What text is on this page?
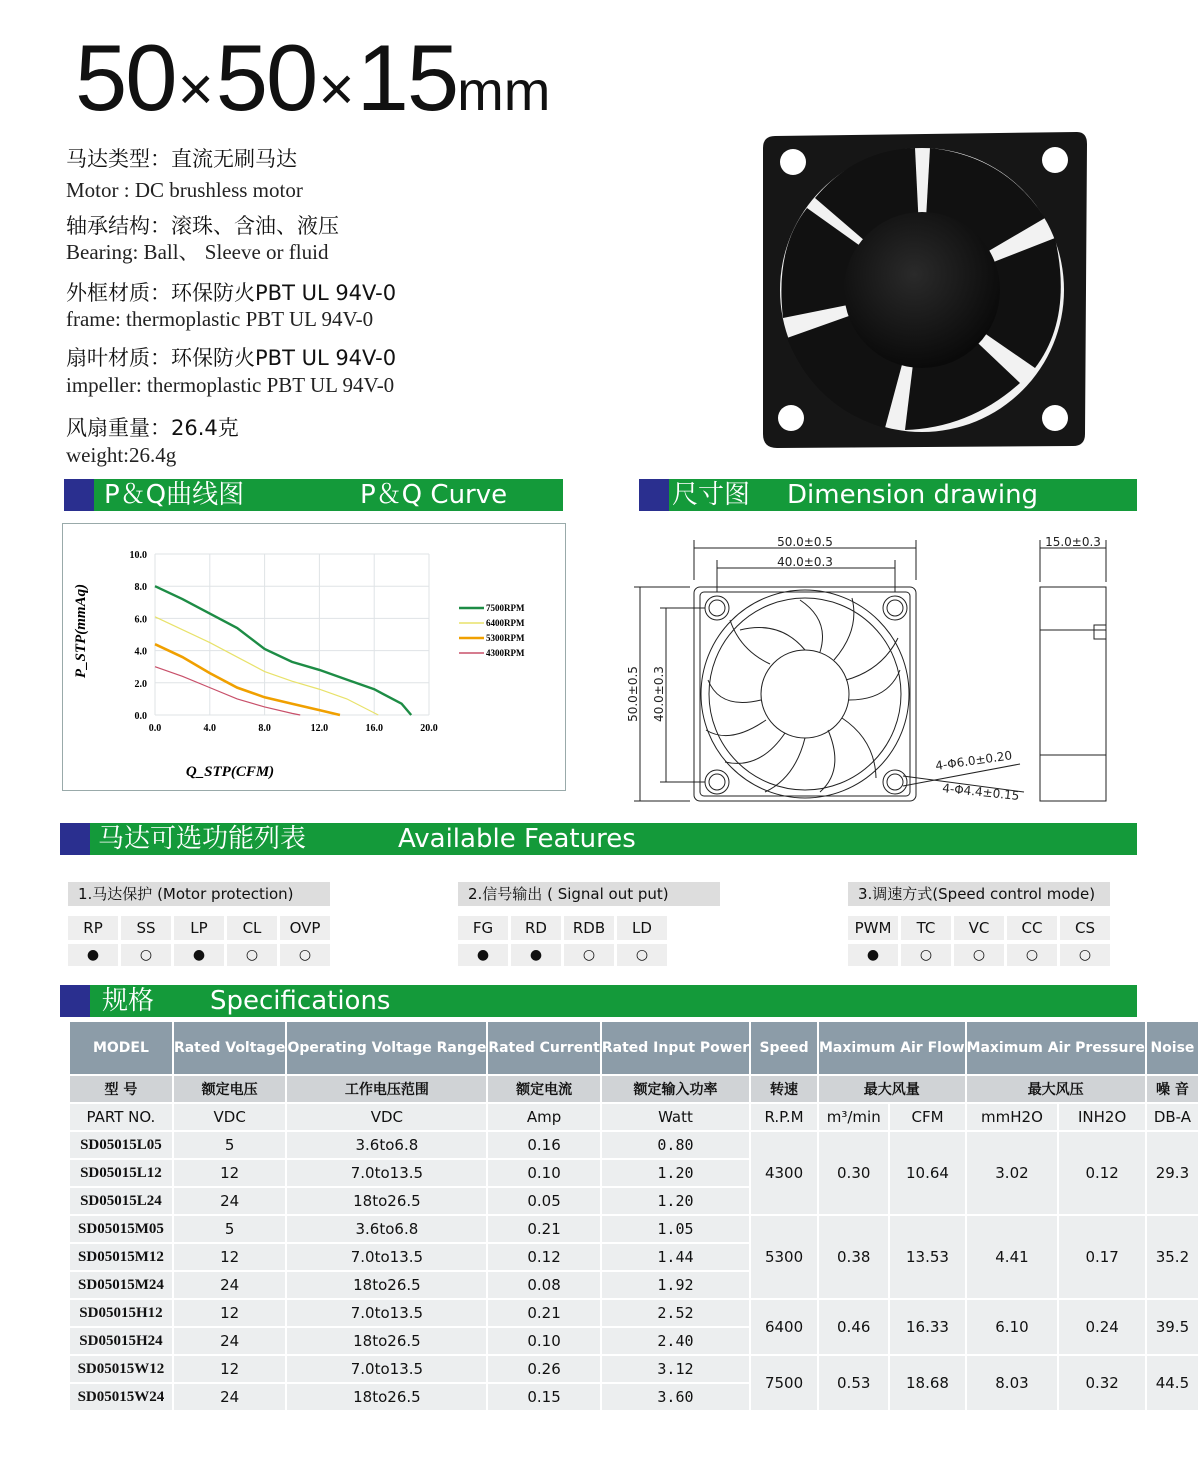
50×50×15mm
马达类型：直流无刷马达
Motor : DC brushless motor
轴承结构：滚珠、含油、液压
Bearing: Ball、 Sleeve or fluid
外框材质：环保防火PBT UL 94V-0
frame: thermoplastic PBT UL 94V-0
扇叶材质：环保防火PBT UL 94V-0
impeller: thermoplastic PBT UL 94V-0
风扇重量：26.4克
weight:26.4g
P＆Q曲线图	P＆Q Curve	尺寸图 Dimension drawing
0.0	4.0	8.0	12.0	16.0	20.0
0.0
2.0
4.0
6.0
8.0
10.0
7500RPM
6400RPM
5300RPM
4300RPM
Q_STP(CFM)
P_STP(mmAq)
50.0±0.5
40.0±0.3
50.0±0.5 40.0±0.3
15.0±0.3
4-Φ6.0±0.20
4-Φ4.4±0.15
马达可选功能列表	Available Features
1.马达保护 (Motor protection)
RP
●
SS
○
LP
●
CL
○
OVP
○
2.信号输出 ( Signal out put)
FG
●
RD
●
RDB
○
LD
○
3.调速方式(Speed control mode)
PWM
●
TC
○
VC
○
CC
○
CS
○
规格 Specifications
MODEL	Rated Voltage	Operating Voltage Range	Rated Current	Rated Input Power	Speed	Maximum Air Flow		Maximum Air Pressure		Noise
型 号	额定电压	工作电压范围	额定电流	额定输入功率	转速	最大风量		最大风压		噪 音
PART NO.	VDC	VDC	Amp	Watt	R.P.M	m³/min	CFM	mmH2O	INH2O	DB-A
SD05015L05	5	3.6to6.8	0.16	0.80	4300	0.30	10.64	3.02	0.12	29.3
SD05015L12	12	7.0to13.5	0.10	1.20						
SD05015L24	24	18to26.5	0.05	1.20						
SD05015M05	5	3.6to6.8	0.21	1.05	5300	0.38	13.53	4.41	0.17	35.2
SD05015M12	12	7.0to13.5	0.12	1.44						
SD05015M24	24	18to26.5	0.08	1.92						
SD05015H12	12	7.0to13.5	0.21	2.52	6400	0.46	16.33	6.10	0.24	39.5
SD05015H24	24	18to26.5	0.10	2.40						
SD05015W12	12	7.0to13.5	0.26	3.12	7500	0.53	18.68	8.03	0.32	44.5
SD05015W24	24	18to26.5	0.15	3.60						
